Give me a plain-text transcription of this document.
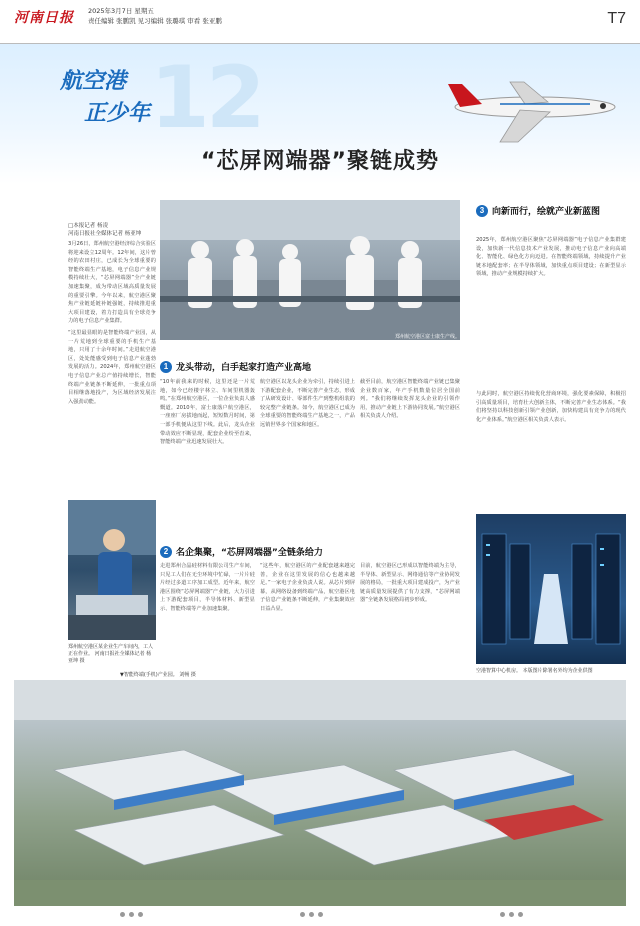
河南日报 2025年3月7日 星期五
责任编辑 张鹏凯 见习编辑 张璐琪 审看 张亚鹏	T7
12
航空港
正少年
“芯屏网端器”聚链成势
□本报记者 杨凌
河南日报社全媒体记者 杨亚坤

3月26日，郑州航空港经济综合实验区将迎来设立12周年。12年间，这片曾经的农田村庄，已成长为全球重要的智能终端生产基地，电子信息产业规模持续壮大，“芯屏网端器”全产业链加速集聚，成为带动区域高质量发展的重要引擎。今年以来，航空港区聚焦产业链延链补链强链，持续推进重大项目建设，着力打造具有全球竞争力的电子信息产业集群。

“这里最显眼的是智能终端产业园，从一片荒地到全球重要的手机生产基地，只用了十余年时间。”走进航空港区，处处能感受到电子信息产业蓬勃发展的活力。2024年，郑州航空港区电子信息产业总产值持续增长，智能终端产业链条不断延伸，一批重点项目相继落地投产，为区域经济发展注入强劲动能。

郑州航空港区某企业生产车间内，工人正在作业。 河南日报社全媒体记者 杨亚坤 摄
郑州航空港区富士康生产线。
1 龙头带动，白手起家打造产业高地
“10年前我来的时候，这里还是一片荒地，如今已经楼宇林立、车间里机器轰鸣。”在郑州航空港区，一位企业负责人感慨道。2010年，富士康落户航空港区，一座座厂房拔地而起，短短数月时间，第一部手机便从这里下线。此后，龙头企业带动效应不断显现，配套企业纷至沓来，智能终端产业迅速发展壮大。
航空港区以龙头企业为牵引，持续引进上下游配套企业，不断完善产业生态，形成了从研发设计、零部件生产到整机组装的较完整产业链条。如今，航空港区已成为全球重要的智能终端生产基地之一，产品远销世界多个国家和地区。
截至目前，航空港区智能终端产业链已集聚企业数百家，年产手机数量位居全国前列。“我们将继续发挥龙头企业的引领作用，推动产业链上下游协同发展。”航空港区相关负责人介绍。
2 名企集聚，“芯屏网端器”全链条给力
走进郑州合晶硅材料有限公司生产车间，只见工人们在无尘环境中忙碌，一片片硅片经过多道工序加工成型。近年来，航空港区围绕“芯屏网端器”产业链，大力引进上下游配套项目，半导体材料、新型显示、智能终端等产业加速集聚。
“这些年，航空港区的产业配套越来越完善，企业在这里发展的信心也越来越足。”一家电子企业负责人说。从芯片到屏幕，从网络设备到终端产品，航空港区电子信息产业链条不断延伸，产业集聚效应日益凸显。
目前，航空港区已形成以智能终端为主导，半导体、新型显示、网络通信等产业协同发展的格局，一批重大项目建成投产，为产业链高质量发展提供了有力支撑，“芯屏网端器”全链条发展格局初步形成。
3 向新而行，绘就产业新蓝图
2025年，郑州航空港区聚焦“芯屏网端器”电子信息产业集群建设，加快新一代信息技术产业发展，推动电子信息产业向高端化、智能化、绿色化方向迈进。在智能终端领域，持续提升产业链本地配套率；在半导体领域，加快重点项目建设；在新型显示领域，推动产业规模持续扩大。
与此同时，航空港区持续优化营商环境，强化要素保障，积极招引高质量项目，培育壮大创新主体，不断完善产业生态体系。“我们将坚持以科技创新引领产业创新，加快构建具有竞争力的现代化产业体系。”航空港区相关负责人表示。
空港智算中心机房。 本版图片除署名外均为企业供图
▼智能终端(手机)产业园。 刘畅 摄
